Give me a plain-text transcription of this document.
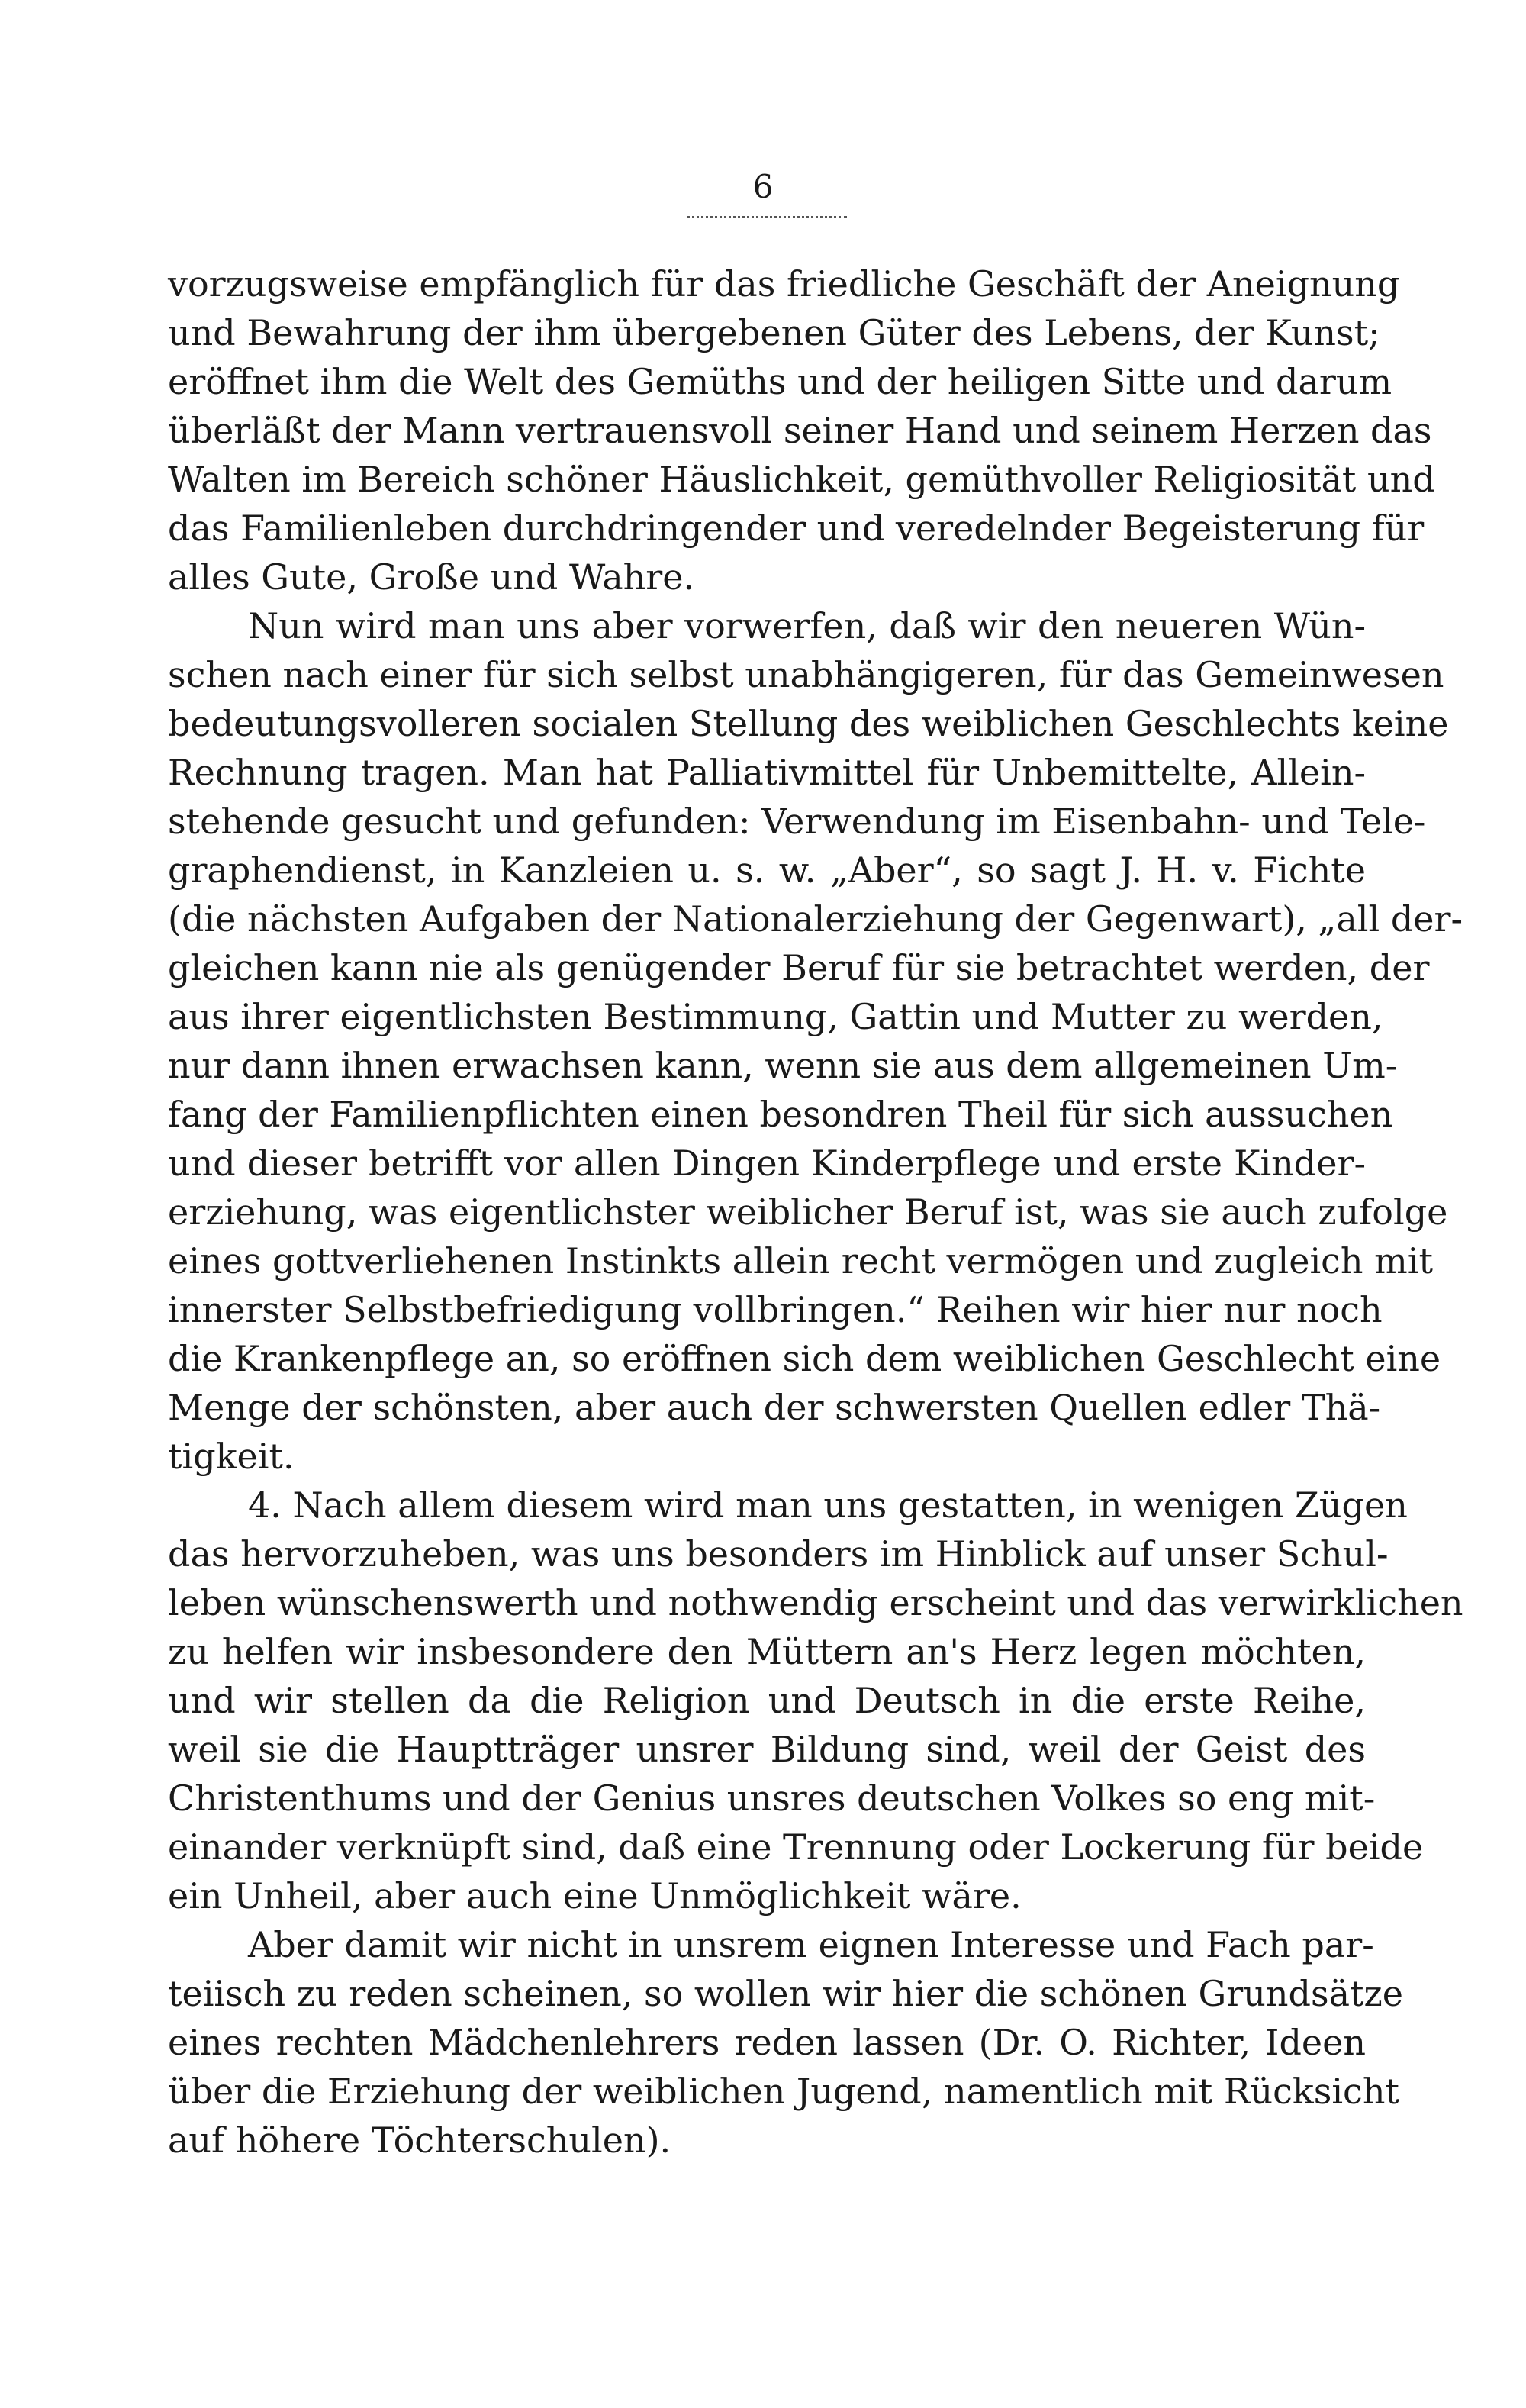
6
vorzugsweise empfänglich für das friedliche Geschäft der Aneignung
und Bewahrung der ihm übergebenen Güter des Lebens, der Kunst;
eröffnet ihm die Welt des Gemüths und der heiligen Sitte und darum
überläßt der Mann vertrauensvoll seiner Hand und seinem Herzen das
Walten im Bereich schöner Häuslichkeit, gemüthvoller Religiosität und
das Familienleben durchdringender und veredelnder Begeisterung für
alles Gute, Große und Wahre.
Nun wird man uns aber vorwerfen, daß wir den neueren Wün-
schen nach einer für sich selbst unabhängigeren, für das Gemeinwesen
bedeutungsvolleren socialen Stellung des weiblichen Geschlechts keine
Rechnung tragen. Man hat Palliativmittel für Unbemittelte, Allein-
stehende gesucht und gefunden: Verwendung im Eisenbahn- und Tele-
graphendienst, in Kanzleien u. s. w. „Aber“, so sagt J. H. v. Fichte
(die nächsten Aufgaben der Nationalerziehung der Gegenwart), „all der-
gleichen kann nie als genügender Beruf für sie betrachtet werden, der
aus ihrer eigentlichsten Bestimmung, Gattin und Mutter zu werden,
nur dann ihnen erwachsen kann, wenn sie aus dem allgemeinen Um-
fang der Familienpflichten einen besondren Theil für sich aussuchen
und dieser betrifft vor allen Dingen Kinderpflege und erste Kinder-
erziehung, was eigentlichster weiblicher Beruf ist, was sie auch zufolge
eines gottverliehenen Instinkts allein recht vermögen und zugleich mit
innerster Selbstbefriedigung vollbringen.“ Reihen wir hier nur noch
die Krankenpflege an, so eröffnen sich dem weiblichen Geschlecht eine
Menge der schönsten, aber auch der schwersten Quellen edler Thä-
tigkeit.
4. Nach allem diesem wird man uns gestatten, in wenigen Zügen
das hervorzuheben, was uns besonders im Hinblick auf unser Schul-
leben wünschenswerth und nothwendig erscheint und das verwirklichen
zu helfen wir insbesondere den Müttern an's Herz legen möchten,
und wir stellen da die Religion und Deutsch in die erste Reihe,
weil sie die Hauptträger unsrer Bildung sind, weil der Geist des
Christenthums und der Genius unsres deutschen Volkes so eng mit-
einander verknüpft sind, daß eine Trennung oder Lockerung für beide
ein Unheil, aber auch eine Unmöglichkeit wäre.
Aber damit wir nicht in unsrem eignen Interesse und Fach par-
teiisch zu reden scheinen, so wollen wir hier die schönen Grundsätze
eines rechten Mädchenlehrers reden lassen (Dr. O. Richter, Ideen
über die Erziehung der weiblichen Jugend, namentlich mit Rücksicht
auf höhere Töchterschulen).
